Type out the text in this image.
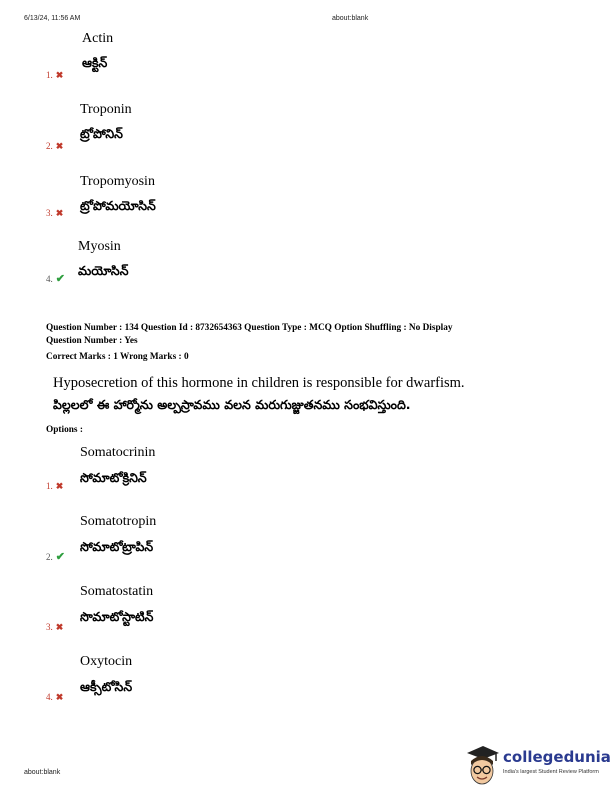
6/13/24, 11:56 AM	about:blank
Actin
ఆక్టిన్
1. ✖
Troponin
ట్రోపోనిన్
2. ✖
Tropomyosin
ట్రోపోమయోసిన్
3. ✖
Myosin
మయోసిన్
4. ✔
Question Number : 134 Question Id : 8732654363 Question Type : MCQ Option Shuffling : No Display
Question Number : Yes
Correct Marks : 1 Wrong Marks : 0
Hyposecretion of this hormone in children is responsible for dwarfism.
పిల్లలలో ఈ హార్మోను అల్పస్రావము వలన మరుగుజ్జుతనము సంభవిస్తుంది.
Options :
Somatocrinin
సోమాటోక్రినిన్
1. ✖
Somatotropin
సోమాటోట్రాపిన్
2. ✔
Somatostatin
సొమాటోస్టాటిన్
3. ✖
Oxytocin
ఆక్సీటోసిన్
4. ✖
about:blank
collegedunia
India's largest Student Review Platform
